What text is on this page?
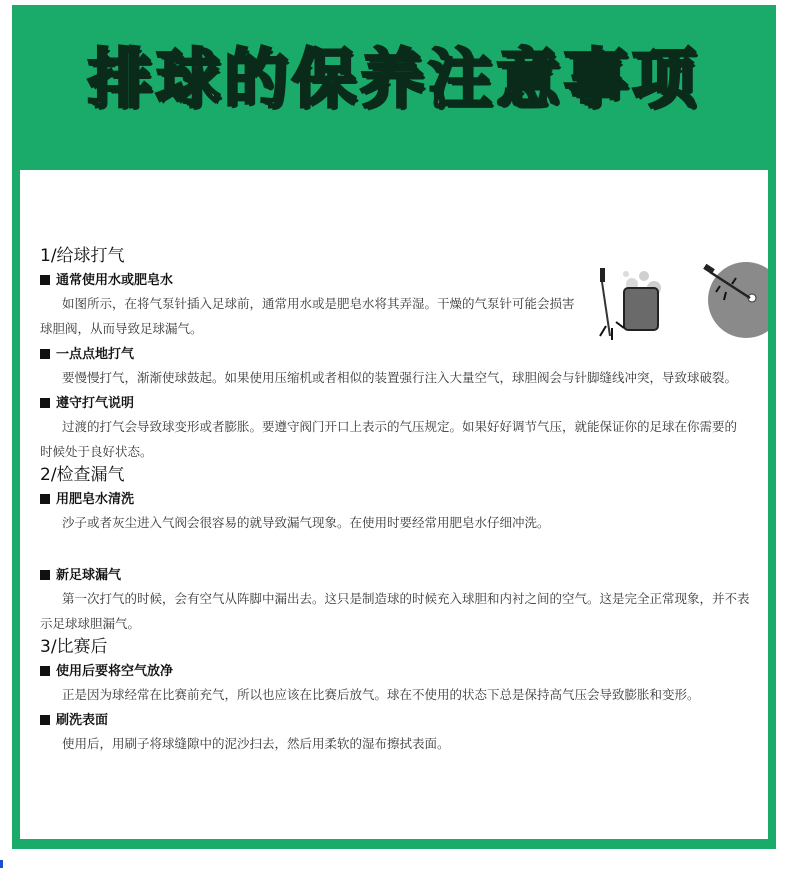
排球的保养注意事项
1/给球打气
通常使用水或肥皂水
如图所示，在将气泵针插入足球前，通常用水或是肥皂水将其弄湿。干燥的气泵针可能会损害球胆阀，从而导致足球漏气。
一点点地打气
要慢慢打气，渐渐使球鼓起。如果使用压缩机或者相似的装置强行注入大量空气，球胆阀会与针脚缝线冲突，导致球破裂。
遵守打气说明
过渡的打气会导致球变形或者膨胀。要遵守阀门开口上表示的气压规定。如果好好调节气压，就能保证你的足球在你需要的时候处于良好状态。
2/检查漏气
用肥皂水清洗
沙子或者灰尘进入气阀会很容易的就导致漏气现象。在使用时要经常用肥皂水仔细冲洗。
新足球漏气
第一次打气的时候，会有空气从阵脚中漏出去。这只是制造球的时候充入球胆和内衬之间的空气。这是完全正常现象，并不表示足球球胆漏气。
3/比赛后
使用后要将空气放净
正是因为球经常在比赛前充气，所以也应该在比赛后放气。球在不使用的状态下总是保持高气压会导致膨胀和变形。
刷洗表面
使用后，用刷子将球缝隙中的泥沙扫去，然后用柔软的湿布擦拭表面。
